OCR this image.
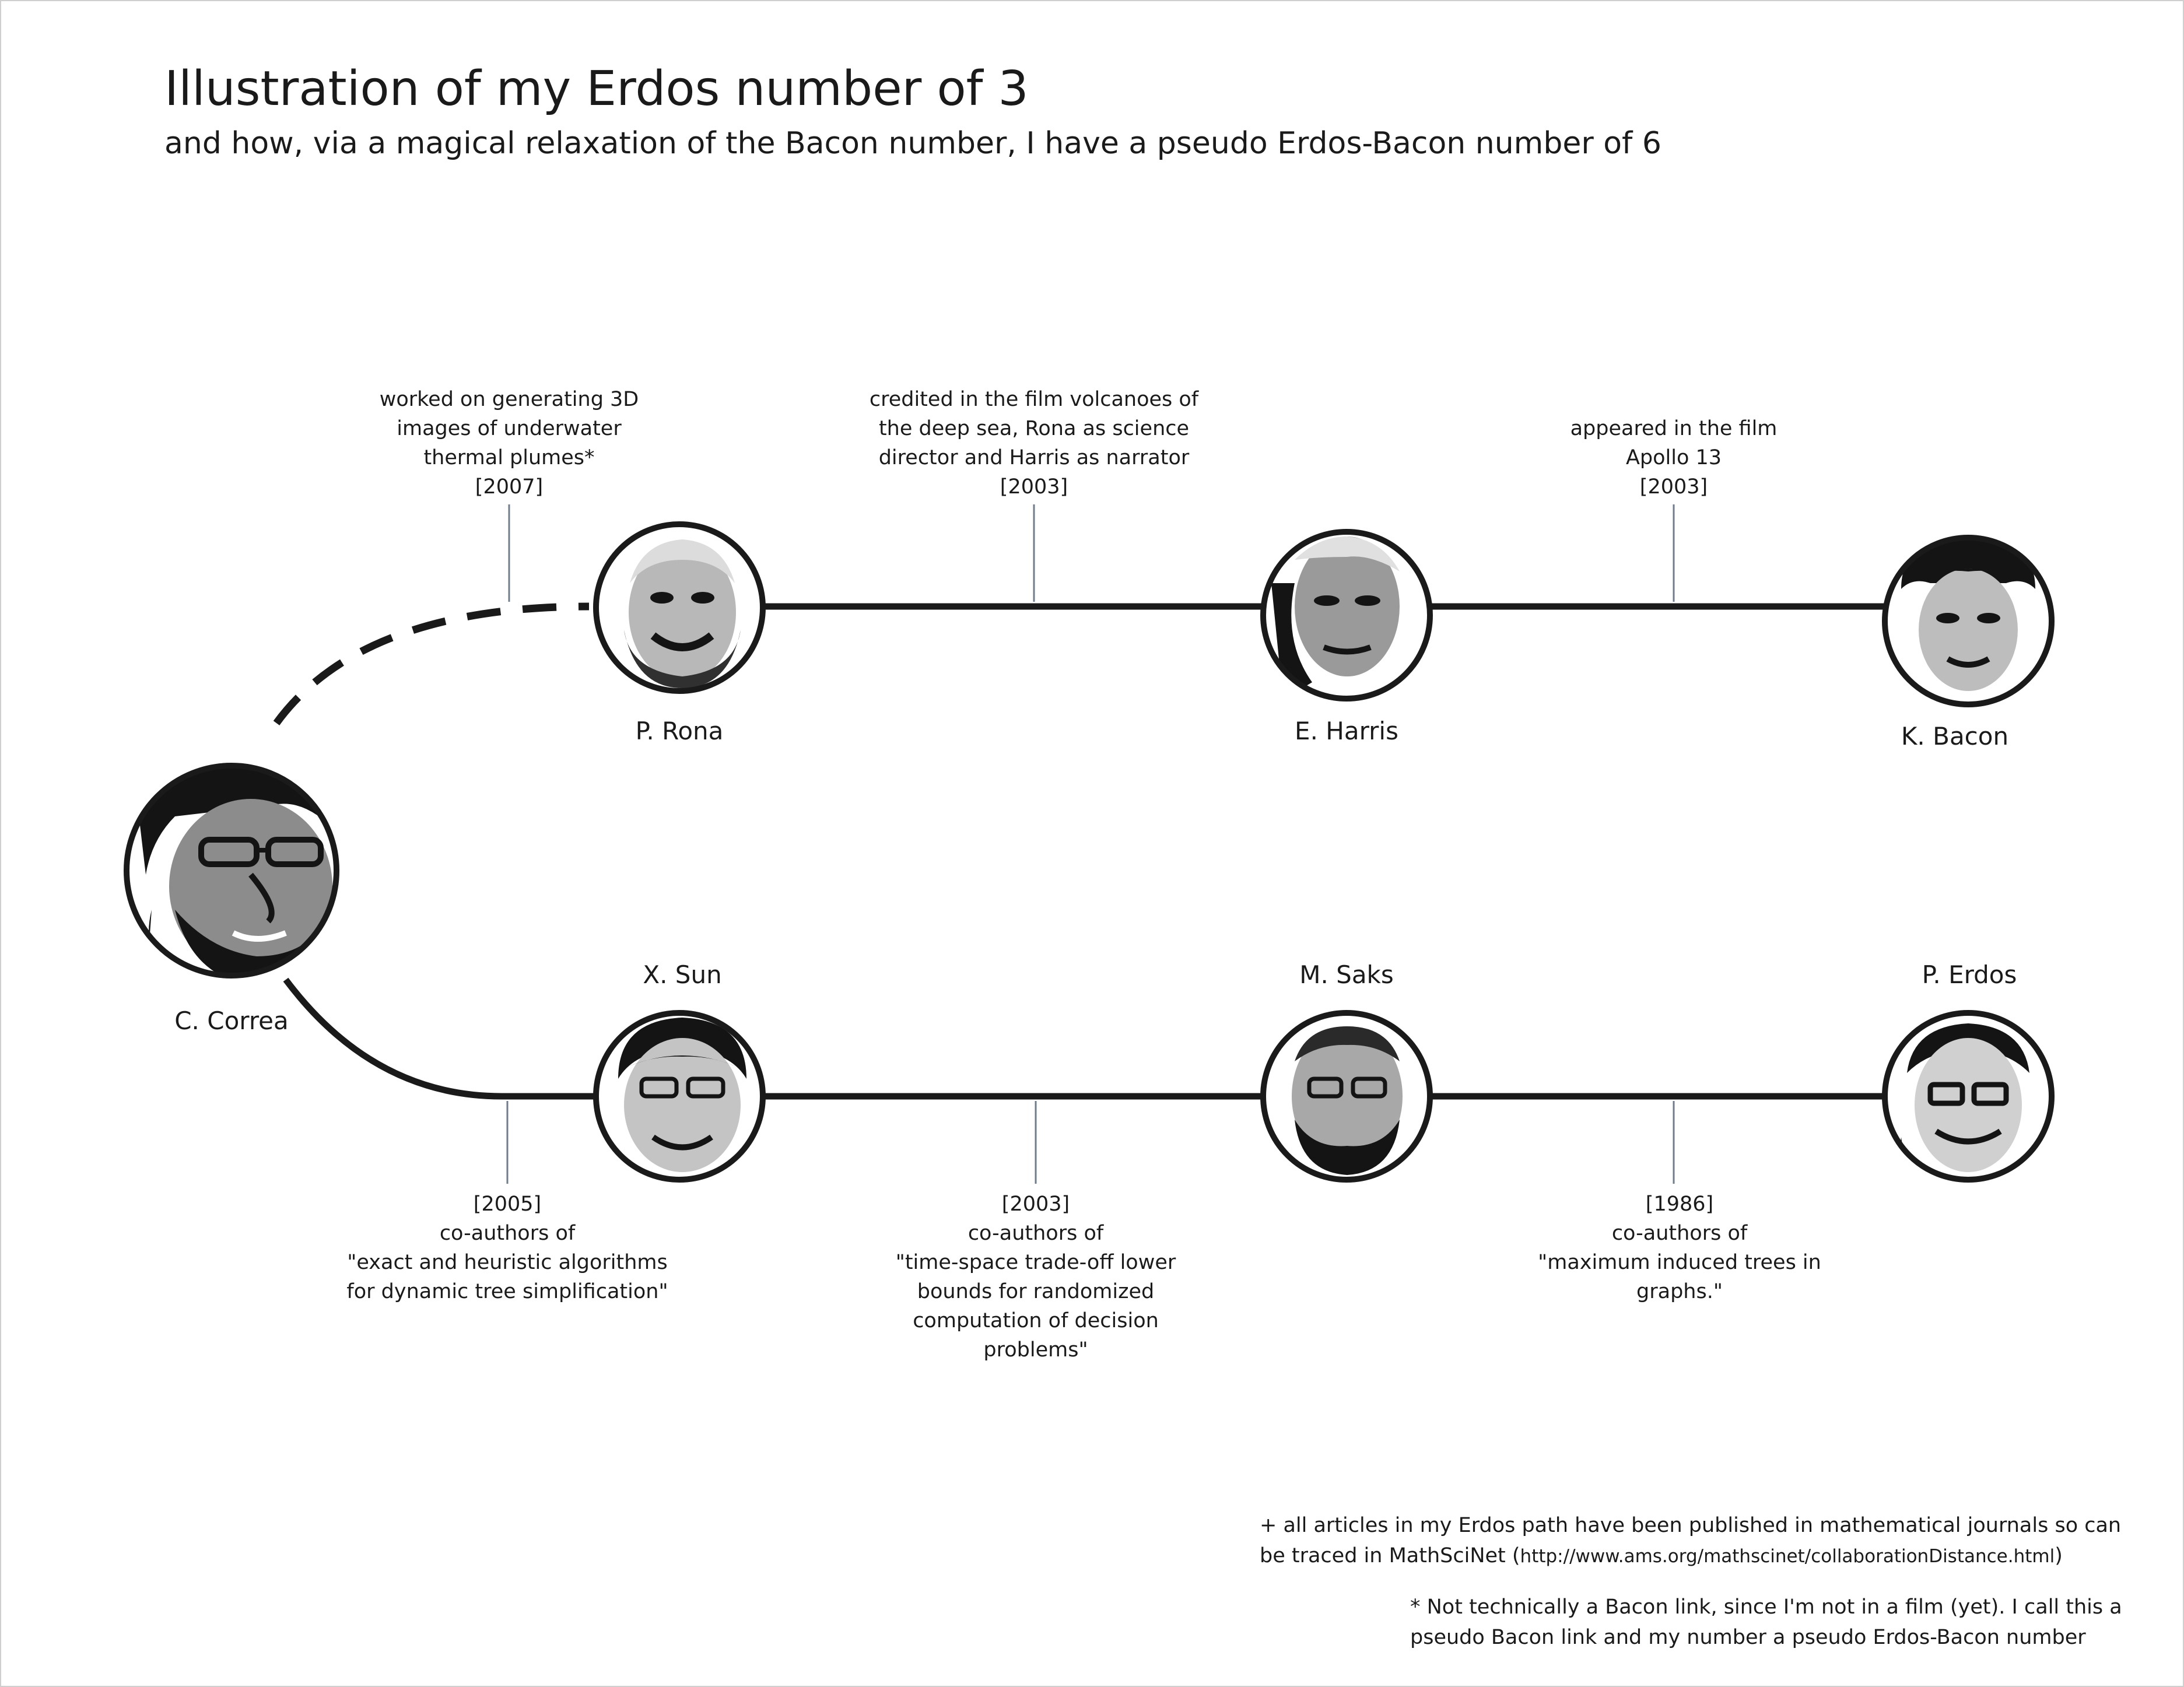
Illustration of my Erdos number of 3
and how, via a magical relaxation of the Bacon number, I have a pseudo Erdos-Bacon number of 6
C. Correa
P. Rona	E. Harris	K. Bacon
X. Sun	M. Saks	P. Erdos
worked on generating 3D
images of underwater
thermal plumes*
[2007]
credited in the film volcanoes of
the deep sea, Rona as science
director and Harris as narrator
[2003]
appeared in the film
Apollo 13
[2003]
[2005]
co-authors of
"exact and heuristic algorithms
for dynamic tree simplification"
[2003]
co-authors of
"time-space trade-off lower
bounds for randomized
computation of decision
problems"
[1986]
co-authors of
"maximum induced trees in
graphs."
+ all articles in my Erdos path have been published in mathematical journals so can
be traced in MathSciNet (http://www.ams.org/mathscinet/collaborationDistance.html)
* Not technically a Bacon link, since I'm not in a film (yet). I call this a
pseudo Bacon link and my number a pseudo Erdos-Bacon number
